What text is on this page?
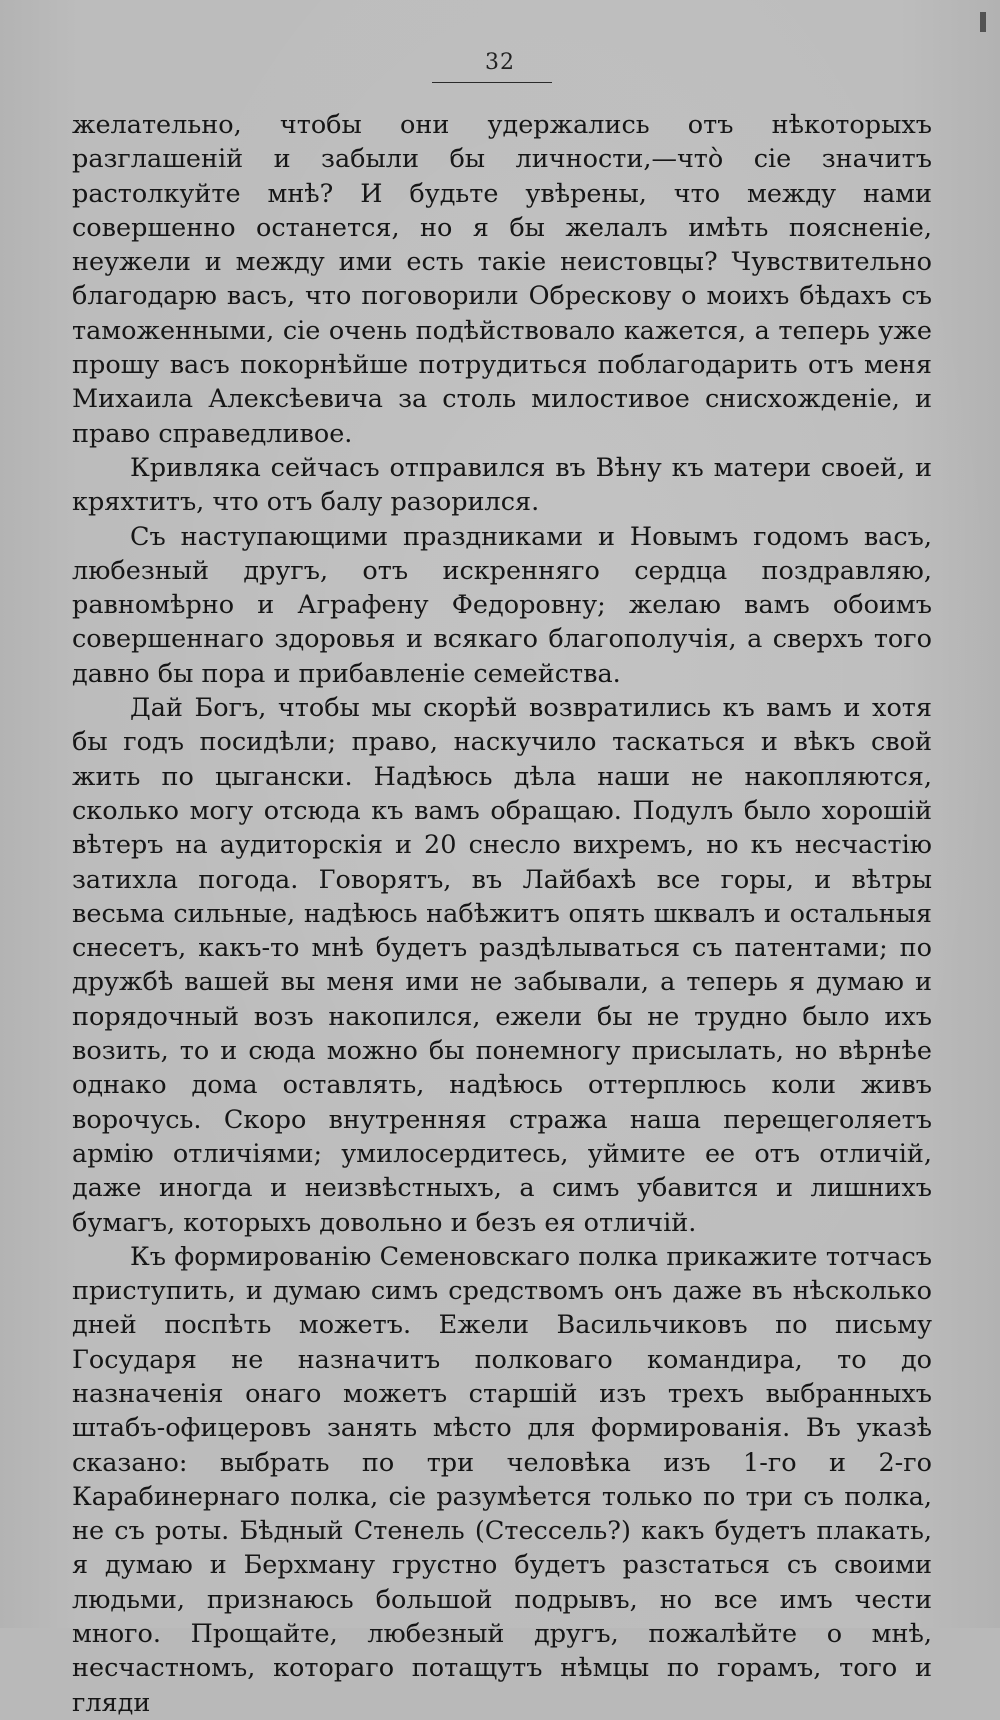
32

желательно, чтобы они удержались отъ нѣкоторыхъ разглашеній и забыли бы личности,—что̀ сіе значитъ растолкуйте мнѣ? И будьте увѣрены, что между нами совершенно останется, но я бы желалъ имѣть поясненіе, неужели и между ими есть такіе неистовцы? Чувствительно благодарю васъ, что поговорили Обрескову о моихъ бѣдахъ съ таможенными, сіе очень подѣйствовало кажется, а теперь уже прошу васъ покорнѣйше потрудиться поблагодарить отъ меня Михаила Алексѣевича за столь милостивое снисхожденіе, и право справедливое.

Кривляка сейчасъ отправился въ Вѣну къ матери своей, и кряхтитъ, что отъ балу разорился.

Съ наступающими праздниками и Новымъ годомъ васъ, любезный другъ, отъ искренняго сердца поздравляю, равномѣрно и Аграфену Федоровну; желаю вамъ обоимъ совершеннаго здоровья и всякаго благополучія, а сверхъ того давно бы пора и прибавленіе семейства.

Дай Богъ, чтобы мы скорѣй возвратились къ вамъ и хотя бы годъ посидѣли; право, наскучило таскаться и вѣкъ свой жить по цыгански. Надѣюсь дѣла наши не накопляются, сколько могу отсюда къ вамъ обращаю. Подулъ было хорошій вѣтеръ на аудиторскія и 20 снесло вихремъ, но къ несчастію затихла погода. Говорятъ, въ Лайбахѣ все горы, и вѣтры весьма сильные, надѣюсь набѣжитъ опять шквалъ и остальныя снесетъ, какъ-то мнѣ будетъ раздѣлываться съ патентами; по дружбѣ вашей вы меня ими не забывали, а теперь я думаю и порядочный возъ накопился, ежели бы не трудно было ихъ возить, то и сюда можно бы понемногу присылать, но вѣрнѣе однако дома оставлять, надѣюсь оттерплюсь коли живъ ворочусь. Скоро внутренняя стража наша перещеголяетъ армію отличіями; умилосердитесь, уймите ее отъ отличій, даже иногда и неизвѣстныхъ, а симъ убавится и лишнихъ бумагъ, которыхъ довольно и безъ ея отличій.

Къ формированію Семеновскаго полка прикажите тотчасъ приступить, и думаю симъ средствомъ онъ даже въ нѣсколько дней поспѣть можетъ. Ежели Васильчиковъ по письму Государя не назначитъ полковаго командира, то до назначенія онаго можетъ старшій изъ трехъ выбранныхъ штабъ-офицеровъ занять мѣсто для формированія. Въ указѣ сказано: выбрать по три человѣка изъ 1-го и 2-го Карабинернаго полка, сіе разумѣется только по три съ полка, не съ роты. Бѣдный Стенель (Стессель?) какъ будетъ плакать, я думаю и Берхману грустно будетъ разстаться съ своими людьми, признаюсь большой подрывъ, но все имъ чести много. Прощайте, любезный другъ, пожалѣйте о мнѣ, несчастномъ, котораго потащутъ нѣмцы по горамъ, того и гляди
